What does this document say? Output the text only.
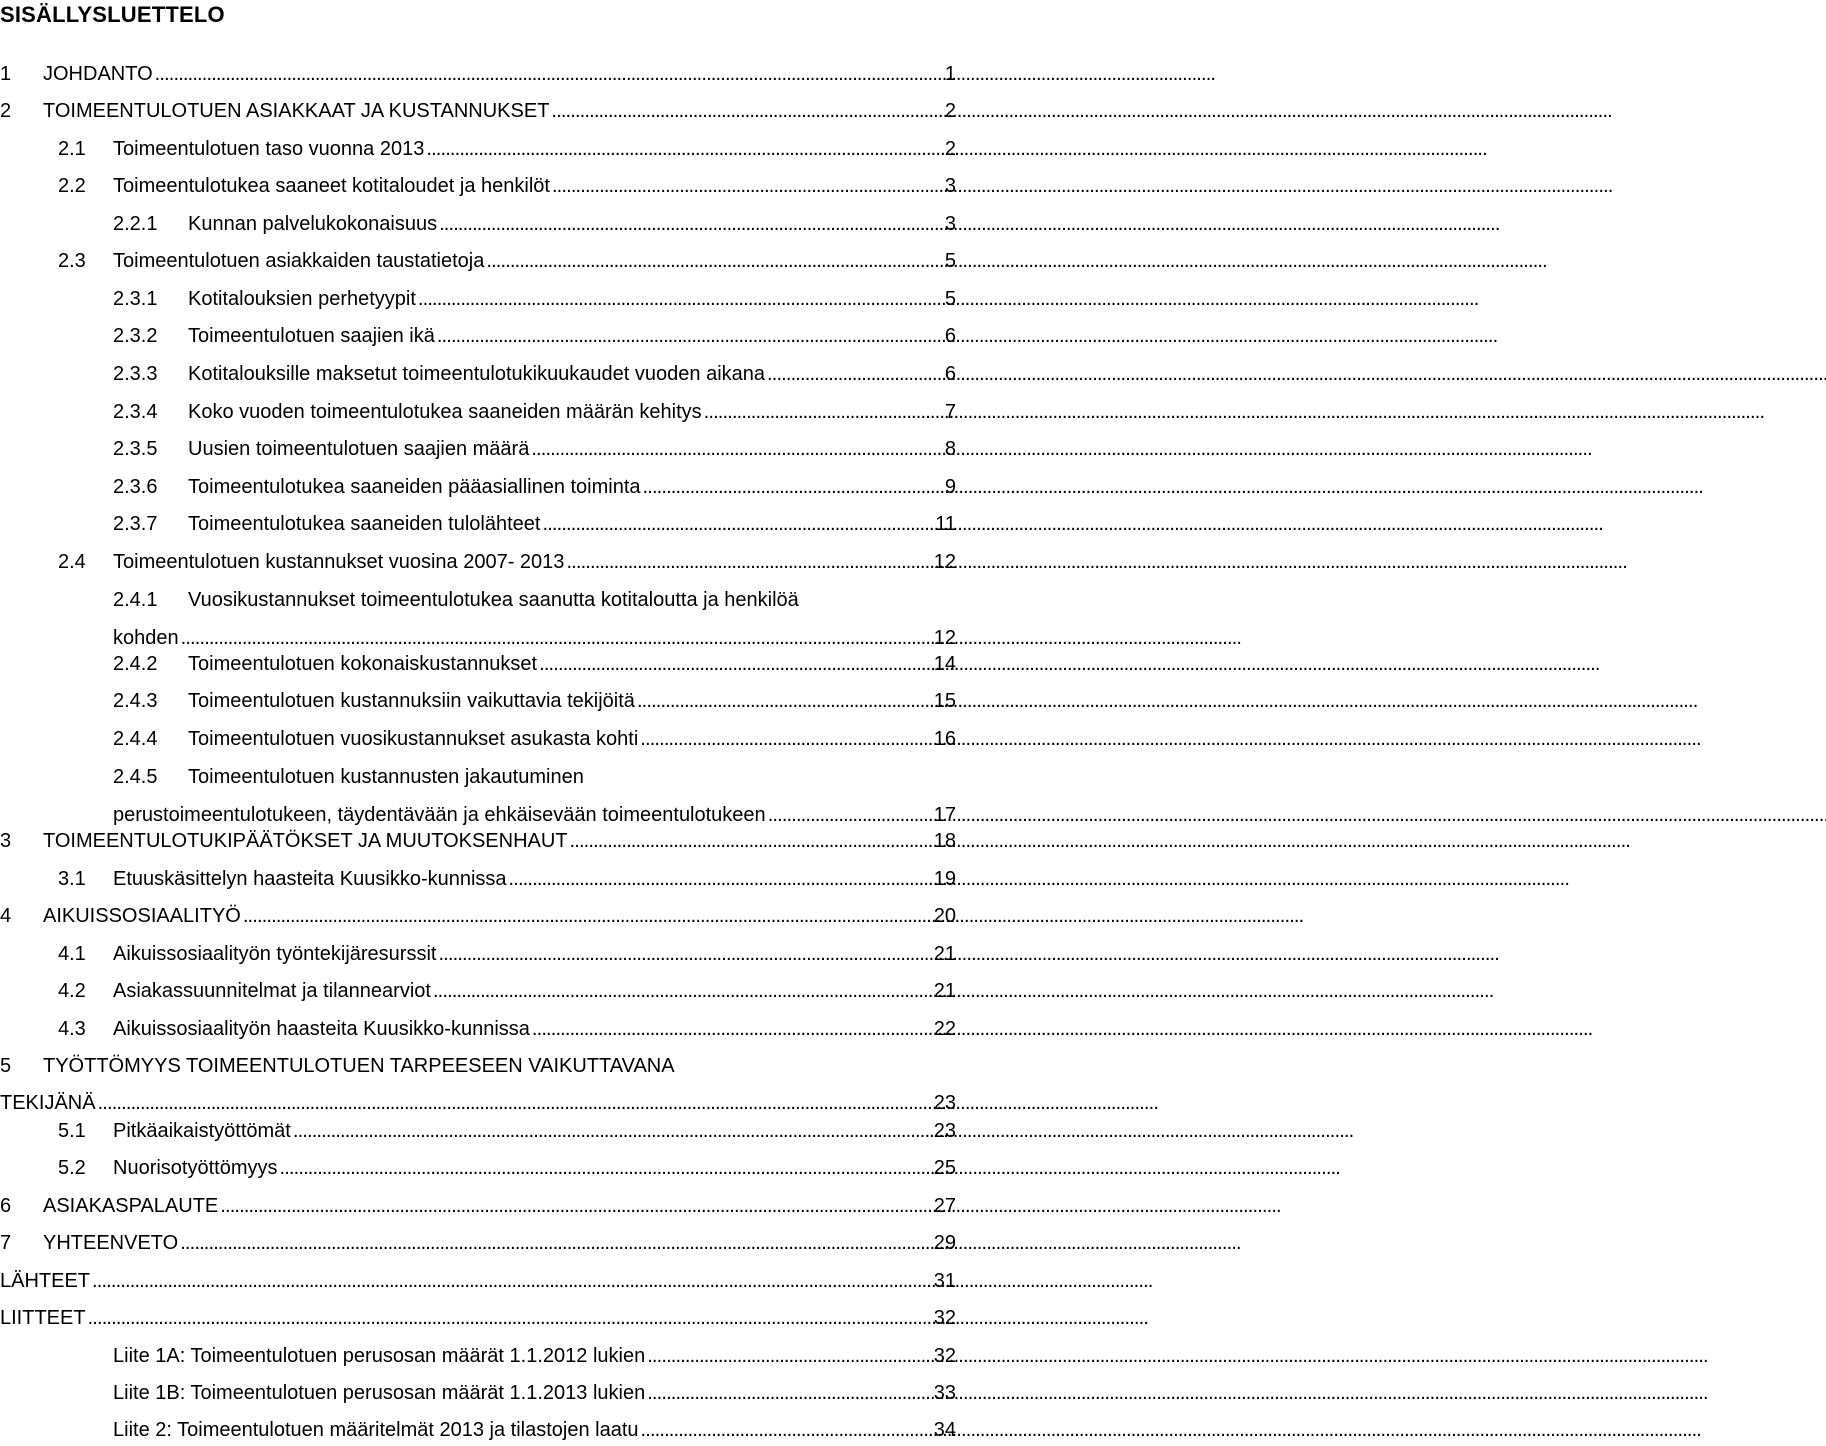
SISÄLLYSLUETTELO
1	JOHDANTO . . .	1
2	TOIMEENTULOTUEN ASIAKKAAT JA KUSTANNUKSET . . .	2
2.1	Toimeentulotuen taso vuonna 2013 . . .	2
2.2	Toimeentulotukea saaneet kotitaloudet ja henkilöt . . .	3
2.2.1	Kunnan palvelukokonaisuus . . .	3
2.3	Toimeentulotuen asiakkaiden taustatietoja . . .	5
2.3.1	Kotitalouksien perhetyypit . . .	5
2.3.2	Toimeentulotuen saajien ikä . . .	6
2.3.3	Kotitalouksille maksetut toimeentulotukikuukaudet vuoden aikana . . .	6
2.3.4	Koko vuoden toimeentulotukea saaneiden määrän kehitys . . .	7
2.3.5	Uusien toimeentulotuen saajien määrä . . .	8
2.3.6	Toimeentulotukea saaneiden pääasiallinen toiminta . . .	9
2.3.7	Toimeentulotukea saaneiden tulolähteet . . .	11
2.4	Toimeentulotuen kustannukset vuosina 2007- 2013 . . .	12
2.4.1	Vuosikustannukset toimeentulotukea saanutta kotitaloutta ja henkilöä
kohden . . .	12
2.4.2	Toimeentulotuen kokonaiskustannukset . . .	14
2.4.3	Toimeentulotuen kustannuksiin vaikuttavia tekijöitä . . .	15
2.4.4	Toimeentulotuen vuosikustannukset asukasta kohti . . .	16
2.4.5	Toimeentulotuen kustannusten jakautuminen
perustoimeentulotukeen, täydentävään ja ehkäisevään toimeentulotukeen . . .	17
3	TOIMEENTULOTUKIPÄÄTÖKSET JA MUUTOKSENHAUT . . .	18
3.1	Etuuskäsittelyn haasteita Kuusikko-kunnissa . . .	19
4	AIKUISSOSIAALITYÖ . . .	20
4.1	Aikuissosiaalityön työntekijäresurssit . . .	21
4.2	Asiakassuunnitelmat ja tilannearviot . . .	21
4.3	Aikuissosiaalityön haasteita Kuusikko-kunnissa . . .	22
5	TYÖTTÖMYYS TOIMEENTULOTUEN TARPEESEEN VAIKUTTAVANA
TEKIJÄNÄ . . .	23
5.1	Pitkäaikaistyöttömät . . .	23
5.2	Nuorisotyöttömyys . . .	25
6	ASIAKASPALAUTE . . .	27
7	YHTEENVETO . . .	29
LÄHTEET . . .	31
LIITTEET . . .	32
Liite 1A: Toimeentulotuen perusosan määrät 1.1.2012 lukien . . .	32
Liite 1B: Toimeentulotuen perusosan määrät 1.1.2013 lukien . . .	33
Liite 2: Toimeentulotuen määritelmät 2013 ja tilastojen laatu . . .	34
